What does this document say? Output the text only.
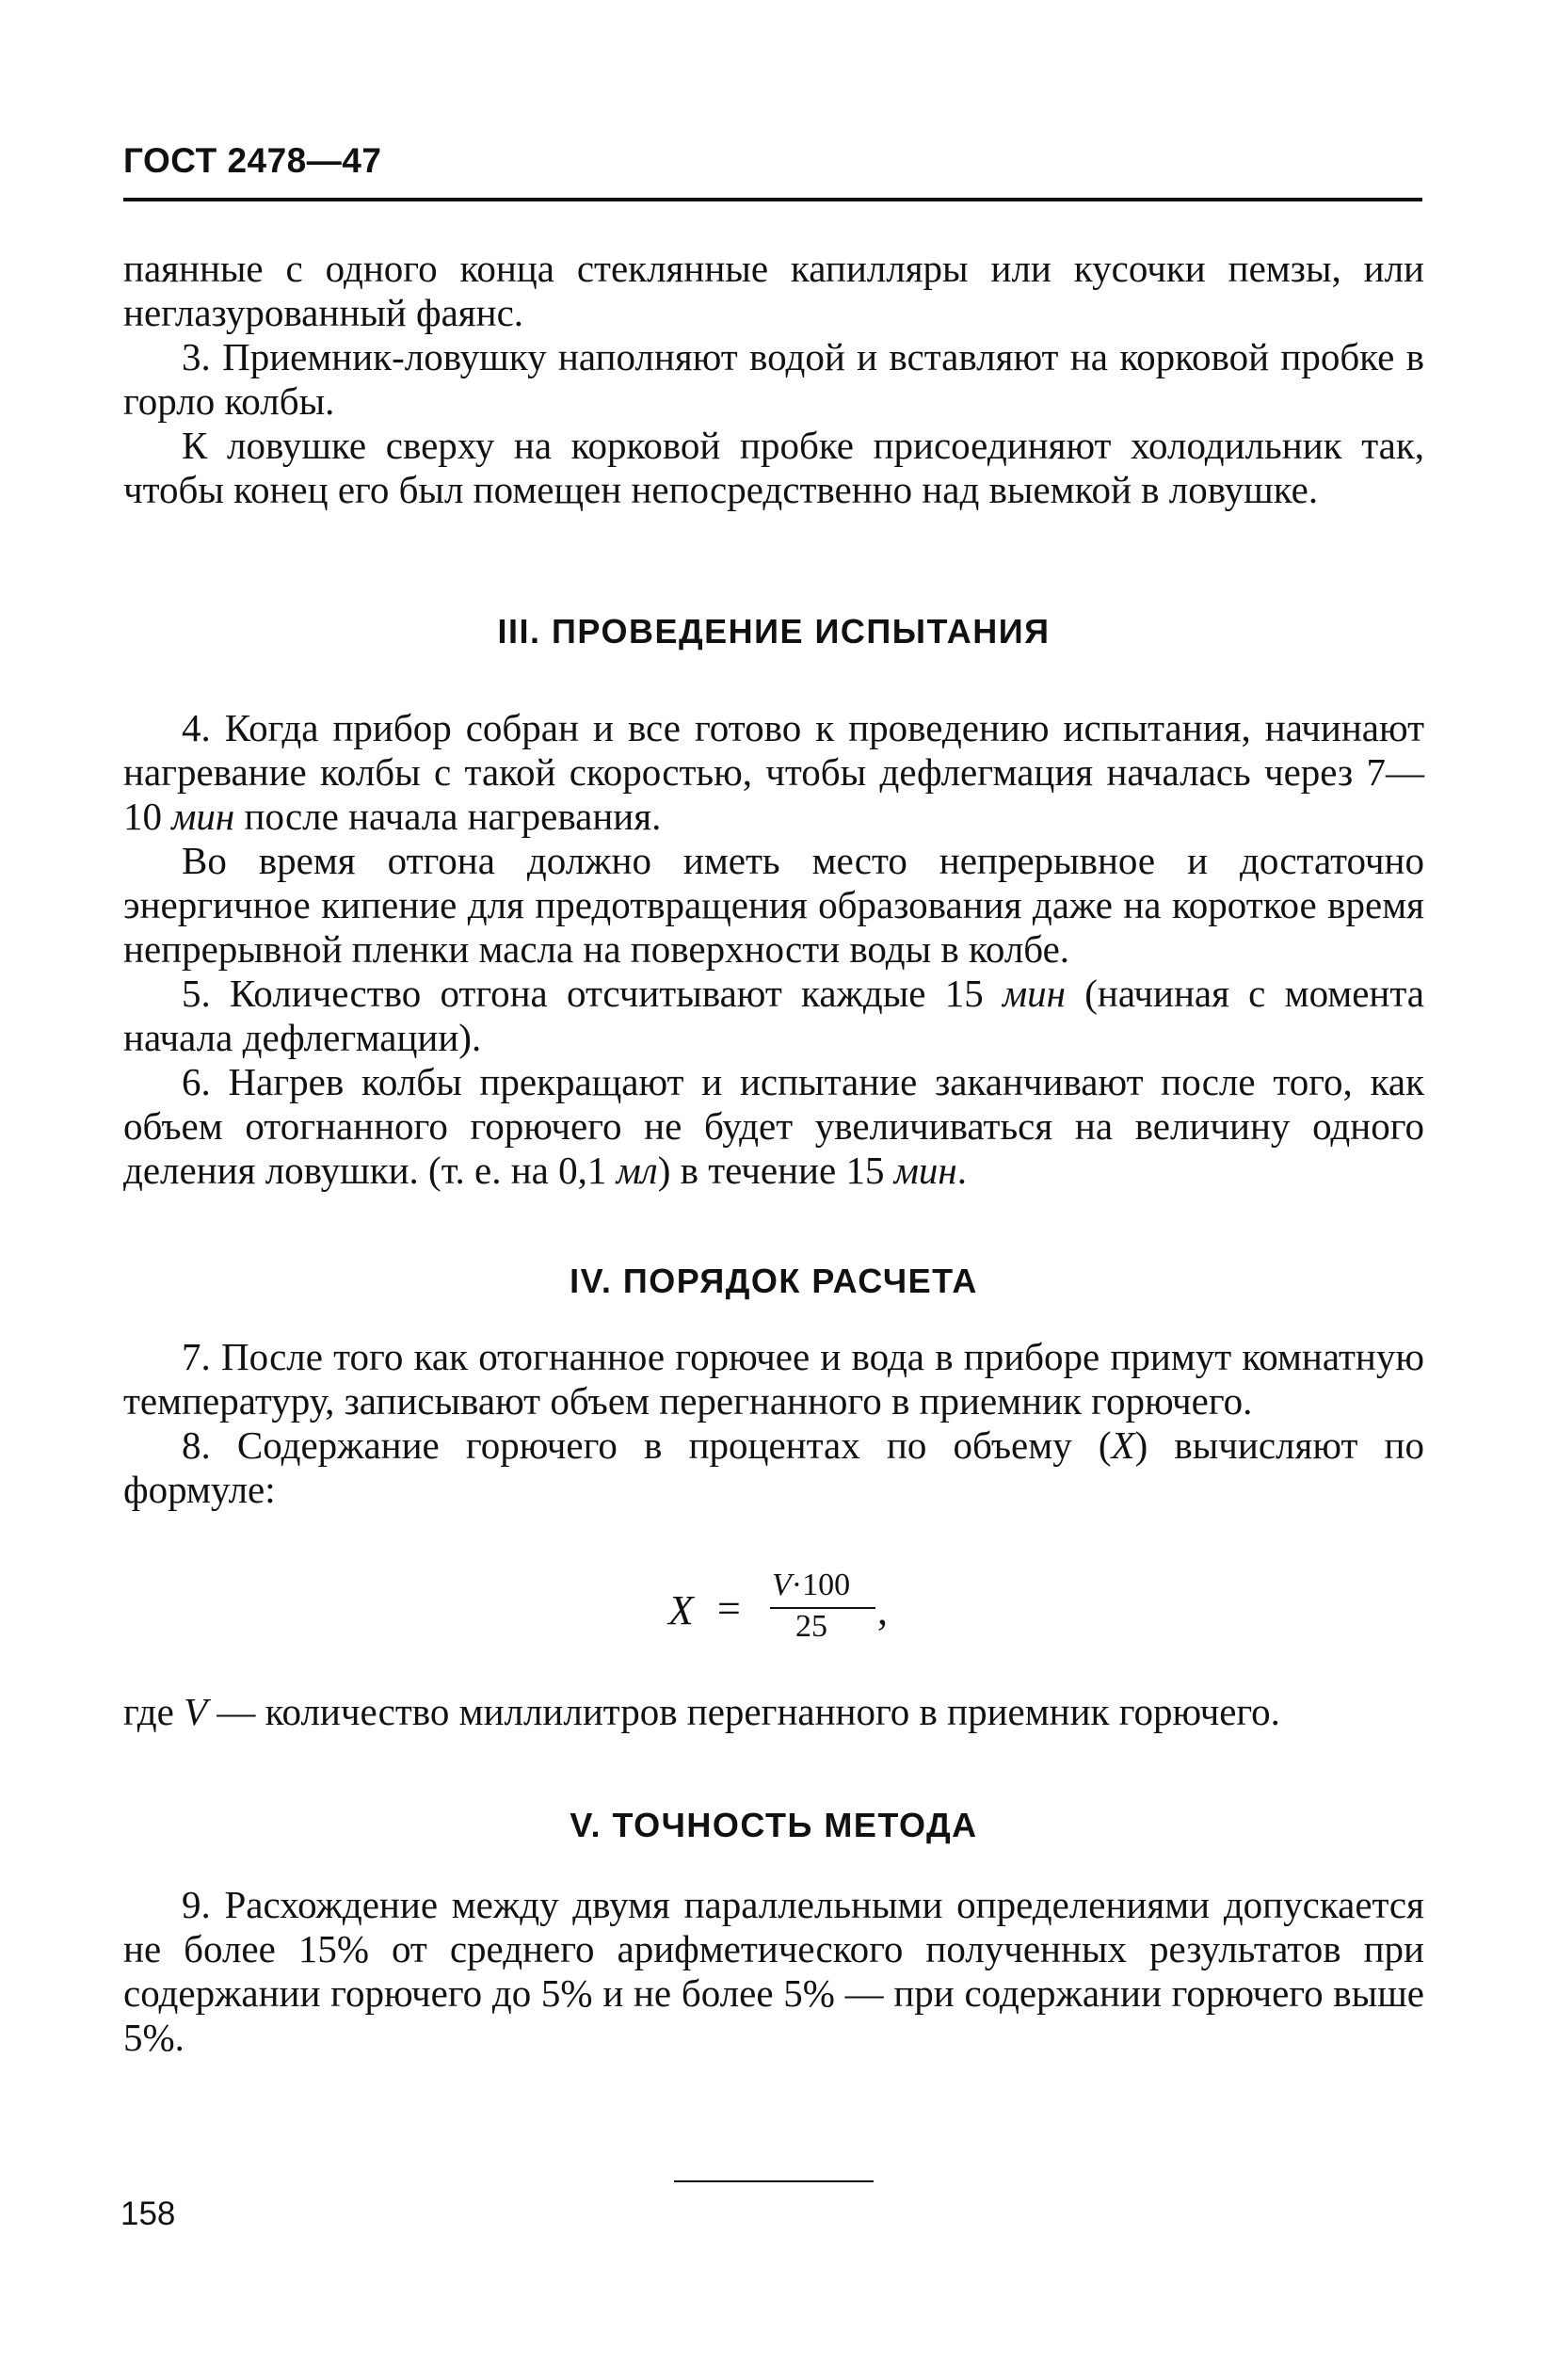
ГОСТ 2478—47

паянные с одного конца стеклянные капилляры или кусочки пемзы, или неглазурованный фаянс.

3. Приемник-ловушку наполняют водой и вставляют на корковой пробке в горло колбы.

К ловушке сверху на корковой пробке присоединяют холодильник так, чтобы конец его был помещен непосредственно над выемкой в ловушке.

III. ПРОВЕДЕНИЕ ИСПЫТАНИЯ

4. Когда прибор собран и все готово к проведению испытания, начинают нагревание колбы с такой скоростью, чтобы дефлегмация началась через 7—10 мин после начала нагревания.

Во время отгона должно иметь место непрерывное и достаточно энергичное кипение для предотвращения образования даже на короткое время непрерывной пленки масла на поверхности воды в колбе.

5. Количество отгона отсчитывают каждые 15 мин (начиная с момента начала дефлегмации).

6. Нагрев колбы прекращают и испытание заканчивают после того, как объем отогнанного горючего не будет увеличиваться на величину одного деления ловушки. (т. е. на 0,1 мл) в течение 15 мин.

IV. ПОРЯДОК РАСЧЕТА

7. После того как отогнанное горючее и вода в приборе примут комнатную температуру, записывают объем перегнанного в приемник горючего.

8. Содержание горючего в процентах по объему (X) вычисляют по формуле:

X =
V·100
25 ,

где V — количество миллилитров перегнанного в приемник горючего.

V. ТОЧНОСТЬ МЕТОДА

9. Расхождение между двумя параллельными определениями допускается не более 15% от среднего арифметического полученных результатов при содержании горючего до 5% и не более 5% — при содержании горючего выше 5%.

158
